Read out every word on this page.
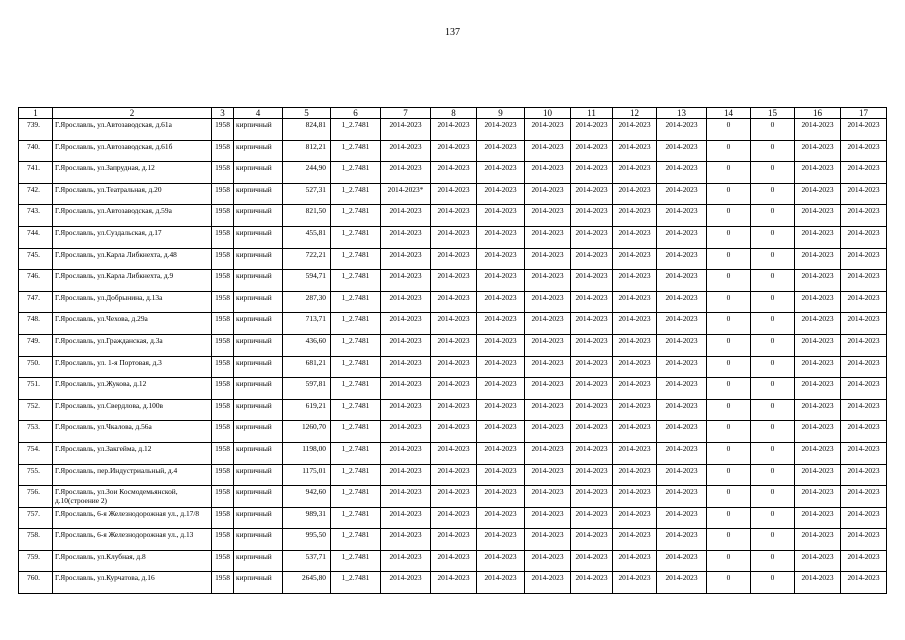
137
1	2	3	4	5	6	7	8	9	10	11	12	13	14	15	16	17
739.	Г.Ярославль, ул.Автозаводская, д.61а	1958	кирпичный	824,81	1_2.7481	2014-2023	2014-2023	2014-2023	2014-2023	2014-2023	2014-2023	2014-2023	0	0	2014-2023	2014-2023
740.	Г.Ярославль, ул.Автозаводская, д.61б	1958	кирпичный	812,21	1_2.7481	2014-2023	2014-2023	2014-2023	2014-2023	2014-2023	2014-2023	2014-2023	0	0	2014-2023	2014-2023
741.	Г.Ярославль, ул.Запрудная, д.12	1958	кирпичный	244,90	1_2.7481	2014-2023	2014-2023	2014-2023	2014-2023	2014-2023	2014-2023	2014-2023	0	0	2014-2023	2014-2023
742.	Г.Ярославль, ул.Театральная, д.20	1958	кирпичный	527,31	1_2.7481	2014-2023*	2014-2023	2014-2023	2014-2023	2014-2023	2014-2023	2014-2023	0	0	2014-2023	2014-2023
743.	Г.Ярославль, ул.Автозаводская, д.59а	1958	кирпичный	821,50	1_2.7481	2014-2023	2014-2023	2014-2023	2014-2023	2014-2023	2014-2023	2014-2023	0	0	2014-2023	2014-2023
744.	Г.Ярославль, ул.Суздальская, д.17	1958	кирпичный	455,81	1_2.7481	2014-2023	2014-2023	2014-2023	2014-2023	2014-2023	2014-2023	2014-2023	0	0	2014-2023	2014-2023
745.	Г.Ярославль, ул.Карла Либкнехта, д.48	1958	кирпичный	722,21	1_2.7481	2014-2023	2014-2023	2014-2023	2014-2023	2014-2023	2014-2023	2014-2023	0	0	2014-2023	2014-2023
746.	Г.Ярославль, ул.Карла Либкнехта, д.9	1958	кирпичный	594,71	1_2.7481	2014-2023	2014-2023	2014-2023	2014-2023	2014-2023	2014-2023	2014-2023	0	0	2014-2023	2014-2023
747.	Г.Ярославль, ул.Добрынина, д.13а	1958	кирпичный	287,30	1_2.7481	2014-2023	2014-2023	2014-2023	2014-2023	2014-2023	2014-2023	2014-2023	0	0	2014-2023	2014-2023
748.	Г.Ярославль, ул.Чехова, д.29а	1958	кирпичный	713,71	1_2.7481	2014-2023	2014-2023	2014-2023	2014-2023	2014-2023	2014-2023	2014-2023	0	0	2014-2023	2014-2023
749.	Г.Ярославль, ул.Гражданская, д.3а	1958	кирпичный	436,60	1_2.7481	2014-2023	2014-2023	2014-2023	2014-2023	2014-2023	2014-2023	2014-2023	0	0	2014-2023	2014-2023
750.	Г.Ярославль, ул. 1-я Портовая, д.3	1958	кирпичный	681,21	1_2.7481	2014-2023	2014-2023	2014-2023	2014-2023	2014-2023	2014-2023	2014-2023	0	0	2014-2023	2014-2023
751.	Г.Ярославль, ул.Жукова, д.12	1958	кирпичный	597,81	1_2.7481	2014-2023	2014-2023	2014-2023	2014-2023	2014-2023	2014-2023	2014-2023	0	0	2014-2023	2014-2023
752.	Г.Ярославль, ул.Свердлова, д.100в	1958	кирпичный	619,21	1_2.7481	2014-2023	2014-2023	2014-2023	2014-2023	2014-2023	2014-2023	2014-2023	0	0	2014-2023	2014-2023
753.	Г.Ярославль, ул.Чкалова, д.56а	1958	кирпичный	1260,70	1_2.7481	2014-2023	2014-2023	2014-2023	2014-2023	2014-2023	2014-2023	2014-2023	0	0	2014-2023	2014-2023
754.	Г.Ярославль, ул.Закгейма, д.12	1958	кирпичный	1198,00	1_2.7481	2014-2023	2014-2023	2014-2023	2014-2023	2014-2023	2014-2023	2014-2023	0	0	2014-2023	2014-2023
755.	Г.Ярославль, пер.Индустриальный, д.4	1958	кирпичный	1175,01	1_2.7481	2014-2023	2014-2023	2014-2023	2014-2023	2014-2023	2014-2023	2014-2023	0	0	2014-2023	2014-2023
756.	Г.Ярославль, ул.Зои Космодемьянской, д.10(строение 2)	1958	кирпичный	942,60	1_2.7481	2014-2023	2014-2023	2014-2023	2014-2023	2014-2023	2014-2023	2014-2023	0	0	2014-2023	2014-2023
757.	Г.Ярославль, 6-я Железнодорожная ул., д.17/8	1958	кирпичный	989,31	1_2.7481	2014-2023	2014-2023	2014-2023	2014-2023	2014-2023	2014-2023	2014-2023	0	0	2014-2023	2014-2023
758.	Г.Ярославль, 6-я Железнодорожная ул., д.13	1958	кирпичный	995,50	1_2.7481	2014-2023	2014-2023	2014-2023	2014-2023	2014-2023	2014-2023	2014-2023	0	0	2014-2023	2014-2023
759.	Г.Ярославль, ул.Клубная, д.8	1958	кирпичный	537,71	1_2.7481	2014-2023	2014-2023	2014-2023	2014-2023	2014-2023	2014-2023	2014-2023	0	0	2014-2023	2014-2023
760.	Г.Ярославль, ул.Курчатова, д.16	1958	кирпичный	2645,80	1_2.7481	2014-2023	2014-2023	2014-2023	2014-2023	2014-2023	2014-2023	2014-2023	0	0	2014-2023	2014-2023
